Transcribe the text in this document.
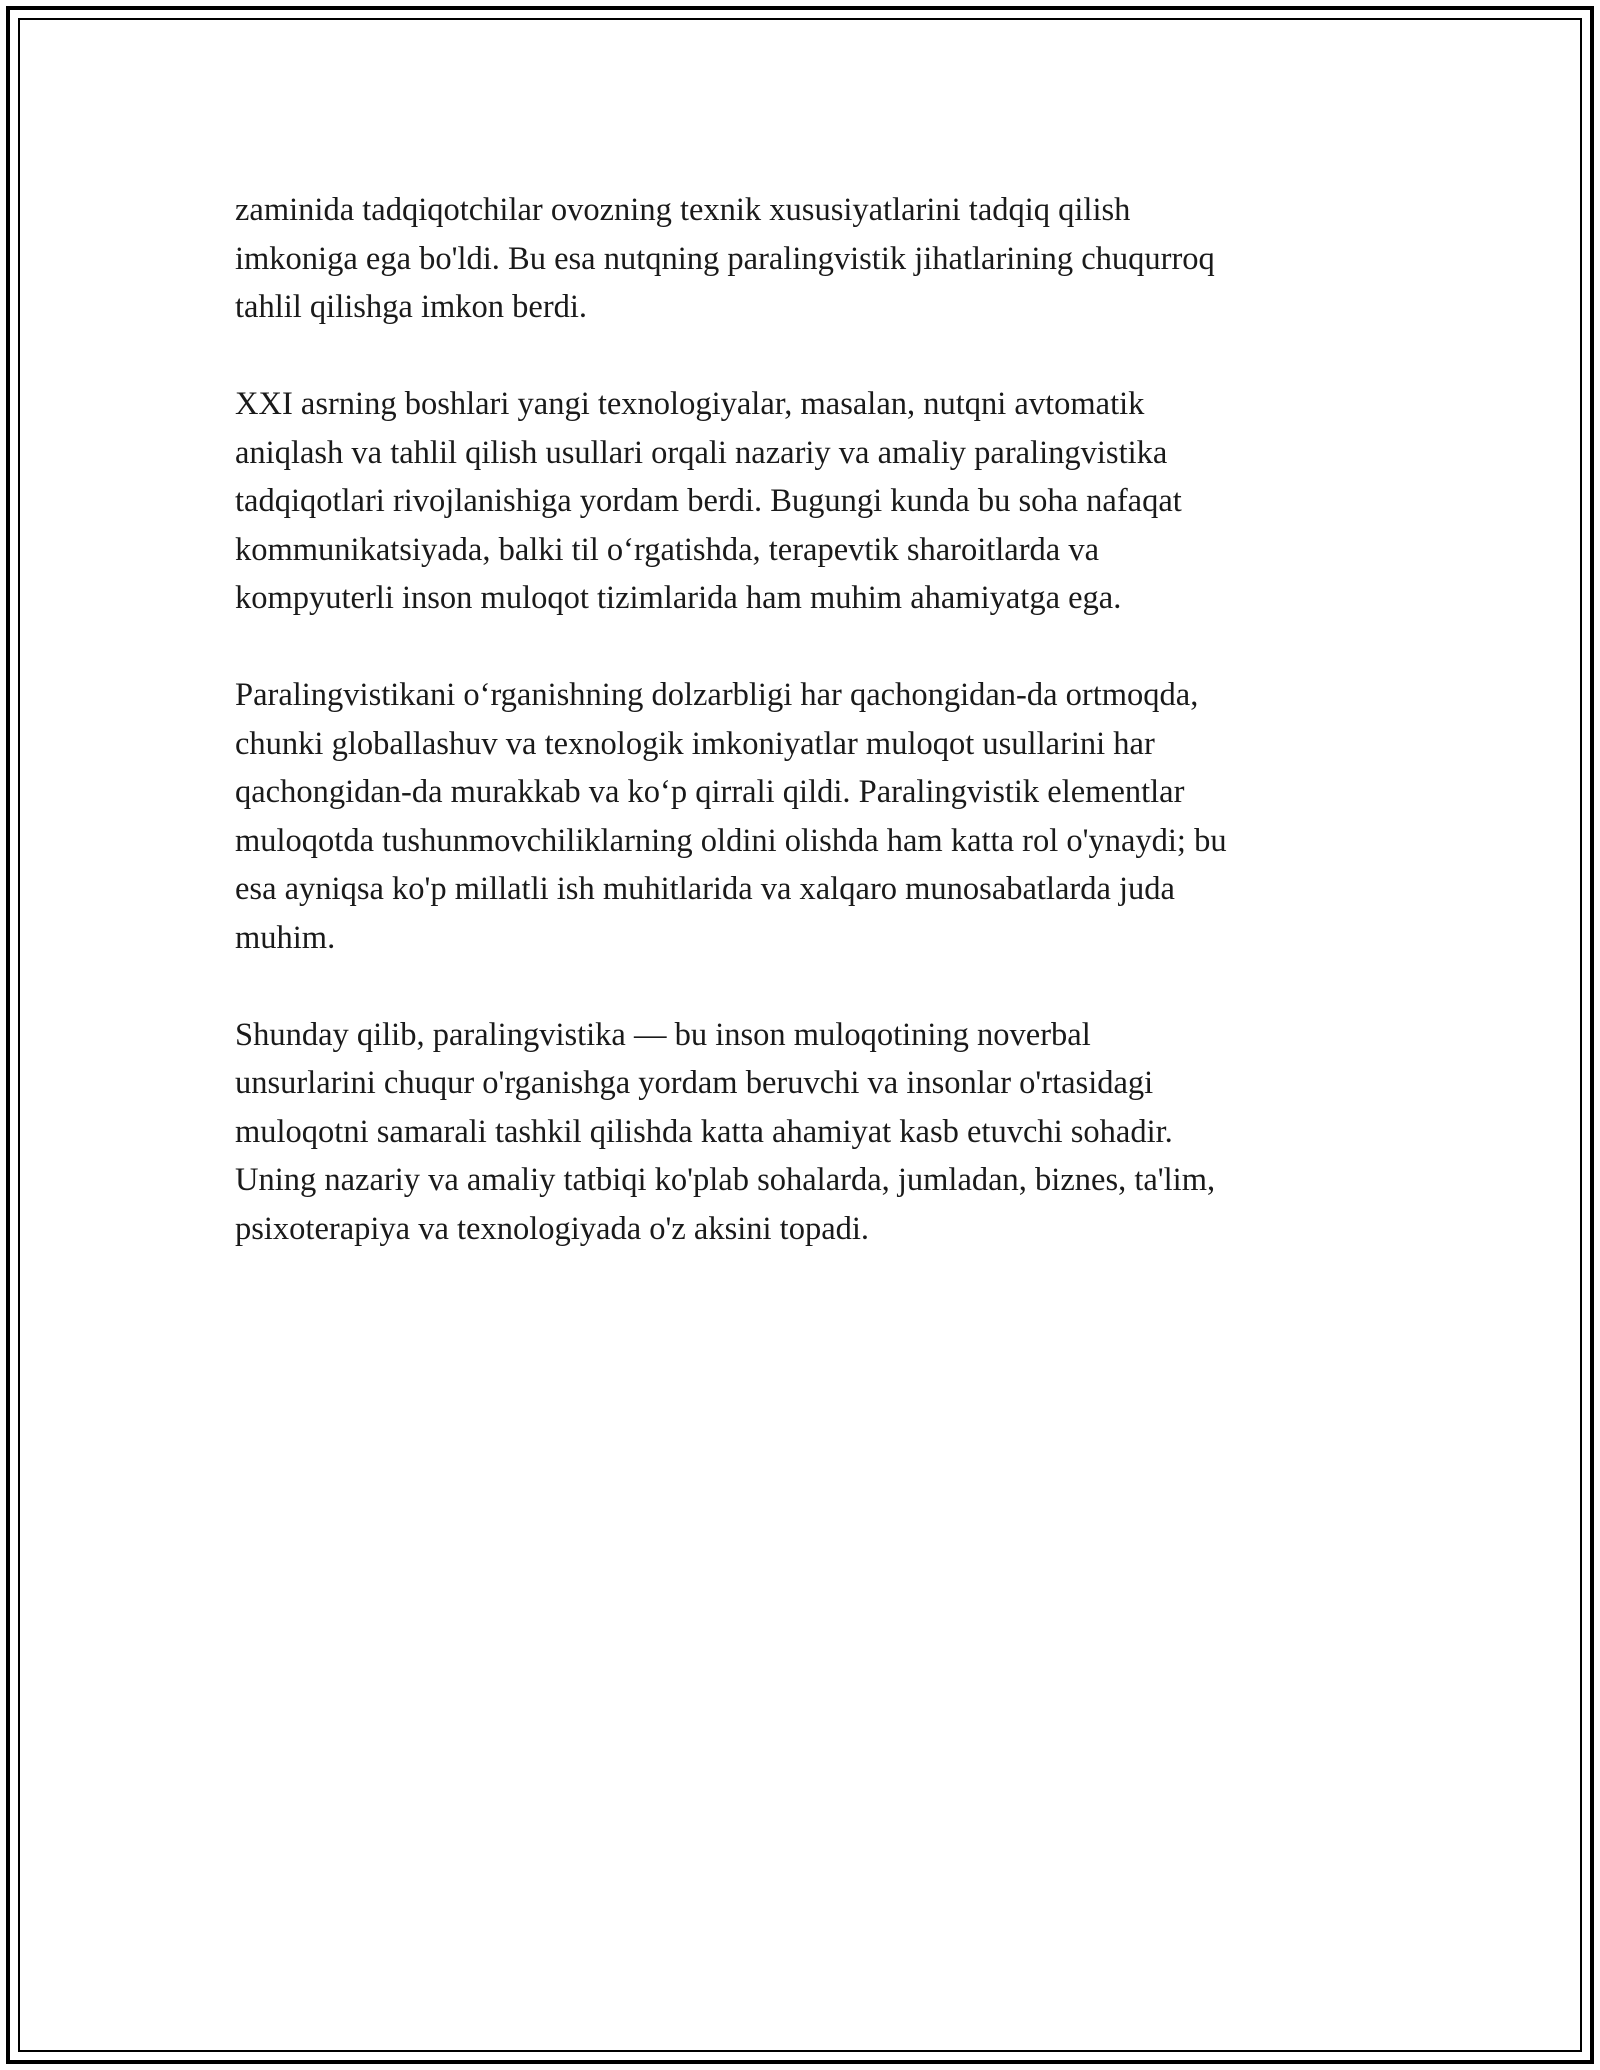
zaminida tadqiqotchilar ovozning texnik xususiyatlarini tadqiq qilish
imkoniga ega bo'ldi. Bu esa nutqning paralingvistik jihatlarining chuqurroq
tahlil qilishga imkon berdi.

XXI asrning boshlari yangi texnologiyalar, masalan, nutqni avtomatik
aniqlash va tahlil qilish usullari orqali nazariy va amaliy paralingvistika
tadqiqotlari rivojlanishiga yordam berdi. Bugungi kunda bu soha nafaqat
kommunikatsiyada, balki til o‘rgatishda, terapevtik sharoitlarda va
kompyuterli inson muloqot tizimlarida ham muhim ahamiyatga ega.

Paralingvistikani o‘rganishning dolzarbligi har qachongidan-da ortmoqda,
chunki globallashuv va texnologik imkoniyatlar muloqot usullarini har
qachongidan-da murakkab va ko‘p qirrali qildi. Paralingvistik elementlar
muloqotda tushunmovchiliklarning oldini olishda ham katta rol o'ynaydi; bu
esa ayniqsa ko'p millatli ish muhitlarida va xalqaro munosabatlarda juda
muhim.

Shunday qilib, paralingvistika — bu inson muloqotining noverbal
unsurlarini chuqur o'rganishga yordam beruvchi va insonlar o'rtasidagi
muloqotni samarali tashkil qilishda katta ahamiyat kasb etuvchi sohadir.
Uning nazariy va amaliy tatbiqi ko'plab sohalarda, jumladan, biznes, ta'lim,
psixoterapiya va texnologiyada o'z aksini topadi.
